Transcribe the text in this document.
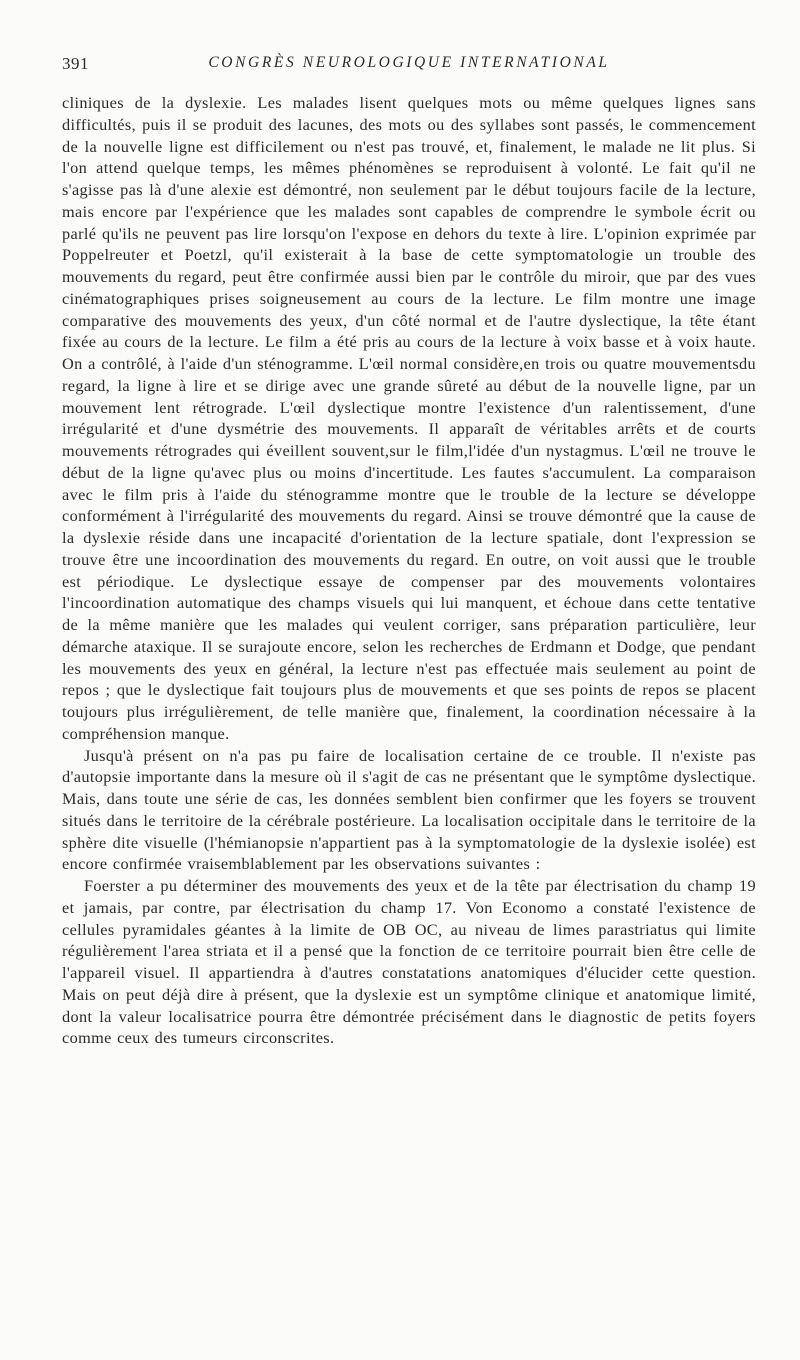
391	CONGRÈS NEUROLOGIQUE INTERNATIONAL

cliniques de la dyslexie. Les malades lisent quelques mots ou même quelques lignes sans difficultés, puis il se produit des lacunes, des mots ou des syllabes sont passés, le commencement de la nouvelle ligne est difficilement ou n'est pas trouvé, et, finalement, le malade ne lit plus. Si l'on attend quelque temps, les mêmes phénomènes se reproduisent à volonté. Le fait qu'il ne s'agisse pas là d'une alexie est démontré, non seulement par le début toujours facile de la lecture, mais encore par l'expérience que les malades sont capables de comprendre le symbole écrit ou parlé qu'ils ne peuvent pas lire lorsqu'on l'expose en dehors du texte à lire. L'opinion exprimée par Poppelreuter et Poetzl, qu'il existerait à la base de cette symptomatologie un trouble des mouvements du regard, peut être confirmée aussi bien par le contrôle du miroir, que par des vues cinématographiques prises soigneusement au cours de la lecture. Le film montre une image comparative des mouvements des yeux, d'un côté normal et de l'autre dyslectique, la tête étant fixée au cours de la lecture. Le film a été pris au cours de la lecture à voix basse et à voix haute. On a contrôlé, à l'aide d'un sténogramme. L'œil normal considère,en trois ou quatre mouvementsdu regard, la ligne à lire et se dirige avec une grande sûreté au début de la nouvelle ligne, par un mouvement lent rétrograde. L'œil dyslectique montre l'existence d'un ralentissement, d'une irrégularité et d'une dysmétrie des mouvements. Il apparaît de véritables arrêts et de courts mouvements rétrogrades qui éveillent souvent,sur le film,l'idée d'un nystagmus. L'œil ne trouve le début de la ligne qu'avec plus ou moins d'incertitude. Les fautes s'accumulent. La comparaison avec le film pris à l'aide du sténogramme montre que le trouble de la lecture se développe conformément à l'irrégularité des mouvements du regard. Ainsi se trouve démontré que la cause de la dyslexie réside dans une incapacité d'orientation de la lecture spatiale, dont l'expression se trouve être une incoordination des mouvements du regard. En outre, on voit aussi que le trouble est périodique. Le dyslectique essaye de compenser par des mouvements volontaires l'incoordination automatique des champs visuels qui lui manquent, et échoue dans cette tentative de la même manière que les malades qui veulent corriger, sans préparation particulière, leur démarche ataxique. Il se surajoute encore, selon les recherches de Erdmann et Dodge, que pendant les mouvements des yeux en général, la lecture n'est pas effectuée mais seulement au point de repos ; que le dyslectique fait toujours plus de mouvements et que ses points de repos se placent toujours plus irrégulièrement, de telle manière que, finalement, la coordination nécessaire à la compréhension manque.

Jusqu'à présent on n'a pas pu faire de localisation certaine de ce trouble. Il n'existe pas d'autopsie importante dans la mesure où il s'agit de cas ne présentant que le symptôme dyslectique. Mais, dans toute une série de cas, les données semblent bien confirmer que les foyers se trouvent situés dans le territoire de la cérébrale postérieure. La localisation occipitale dans le territoire de la sphère dite visuelle (l'hémianopsie n'appartient pas à la symptomatologie de la dyslexie isolée) est encore confirmée vraisemblablement par les observations suivantes :

Foerster a pu déterminer des mouvements des yeux et de la tête par électrisation du champ 19 et jamais, par contre, par électrisation du champ 17. Von Economo a constaté l'existence de cellules pyramidales géantes à la limite de OB OC, au niveau de limes parastriatus qui limite régulièrement l'area striata et il a pensé que la fonction de ce territoire pourrait bien être celle de l'appareil visuel. Il appartiendra à d'autres constatations anatomiques d'élucider cette question. Mais on peut déjà dire à présent, que la dyslexie est un symptôme clinique et anatomique limité, dont la valeur localisatrice pourra être démontrée précisément dans le diagnostic de petits foyers comme ceux des tumeurs circonscrites.
